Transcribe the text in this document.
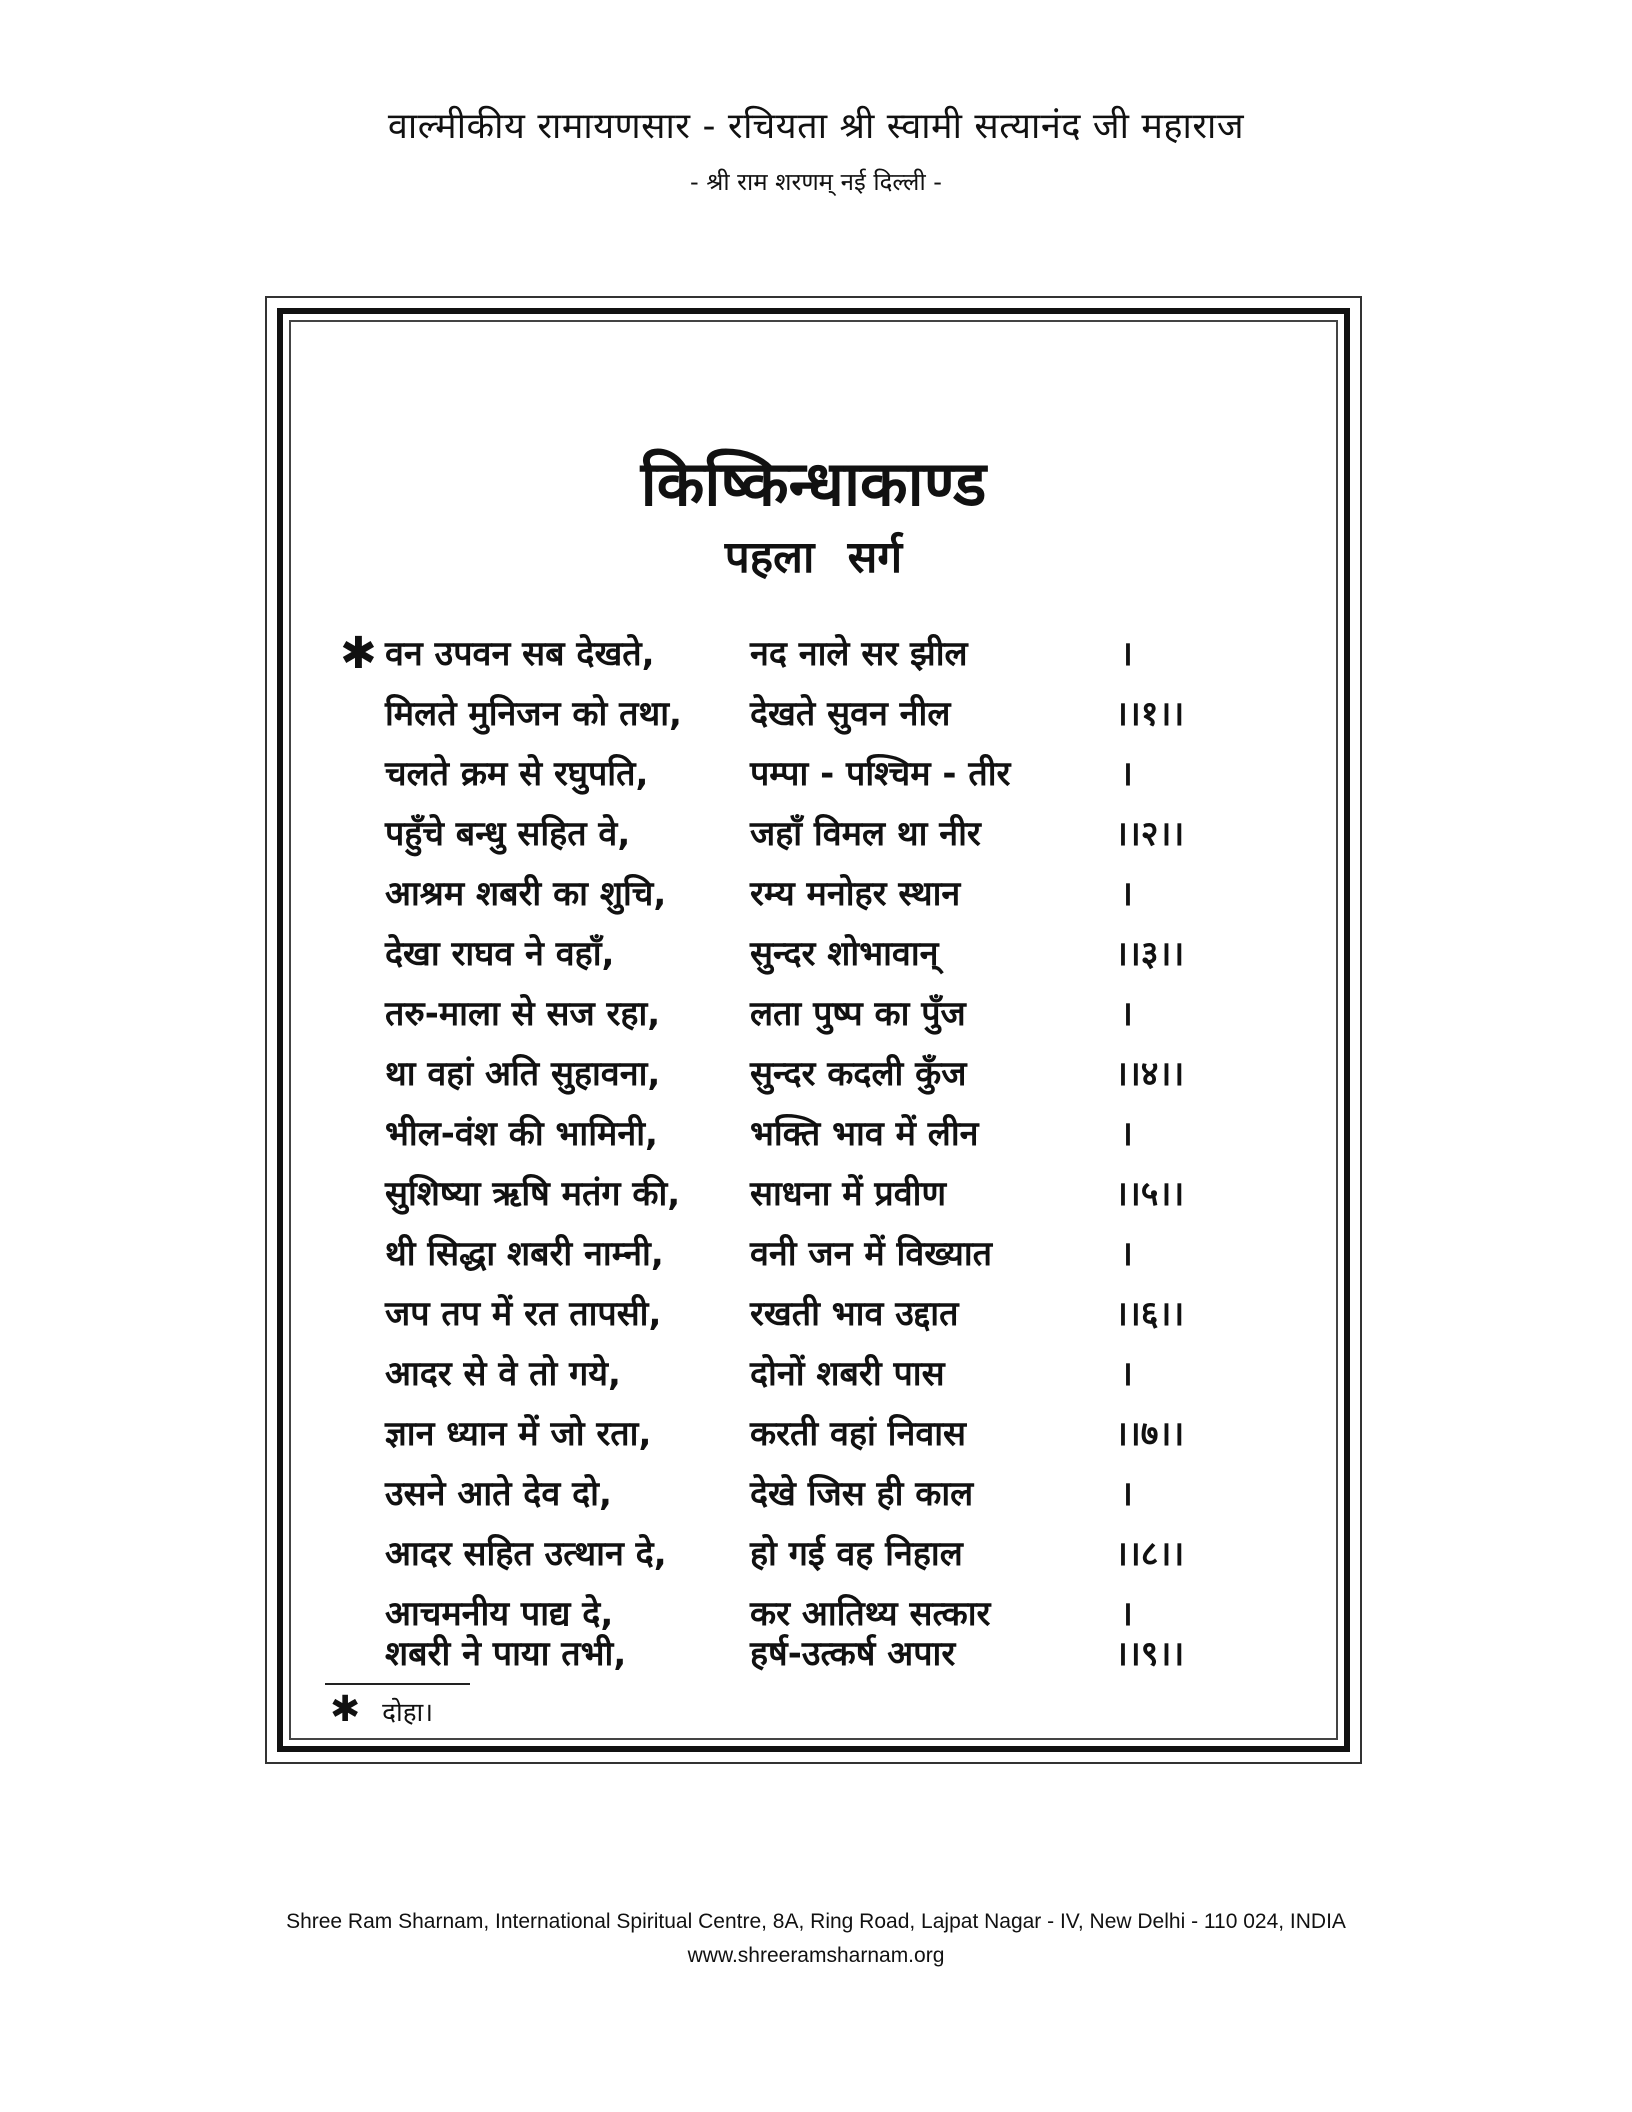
वाल्मीकीय रामायणसार - रचियता श्री स्वामी सत्यानंद जी महाराज
- श्री राम शरणम् नई दिल्ली -
किष्किन्धाकाण्ड
पहला सर्ग
✱ वन उपवन सब देखते,	नद नाले सर झील	।
मिलते मुनिजन को तथा,	देखते सुवन नील	।।१।।
चलते क्रम से रघुपति,	पम्पा - पश्चिम - तीर	।
पहुँचे बन्धु सहित वे,	जहाँ विमल था नीर	।।२।।
आश्रम शबरी का शुचि,	रम्य मनोहर स्थान	।
देखा राघव ने वहाँ,	सुन्दर शोभावान्	।।३।।
तरु-माला से सज रहा,	लता पुष्प का पुँज	।
था वहां अति सुहावना,	सुन्दर कदली कुँज	।।४।।
भील-वंश की भामिनी,	भक्ति भाव में लीन	।
सुशिष्या ऋषि मतंग की,	साधना में प्रवीण	।।५।।
थी सिद्धा शबरी नाम्नी,	वनी जन में विख्यात	।
जप तप में रत तापसी,	रखती भाव उद्दात	।।६।।
आदर से वे तो गये,	दोनों शबरी पास	।
ज्ञान ध्यान में जो रता,	करती वहां निवास	।।७।।
उसने आते देव दो,	देखे जिस ही काल	।
आदर सहित उत्थान दे,	हो गई वह निहाल	।।८।।
आचमनीय पाद्य दे,	कर आतिथ्य सत्कार	।
शबरी ने पाया तभी,	हर्ष-उत्कर्ष अपार	।।९।।
✱ दोहा।
Shree Ram Sharnam, International Spiritual Centre, 8A, Ring Road, Lajpat Nagar - IV, New Delhi - 110 024, INDIA
www.shreeramsharnam.org
